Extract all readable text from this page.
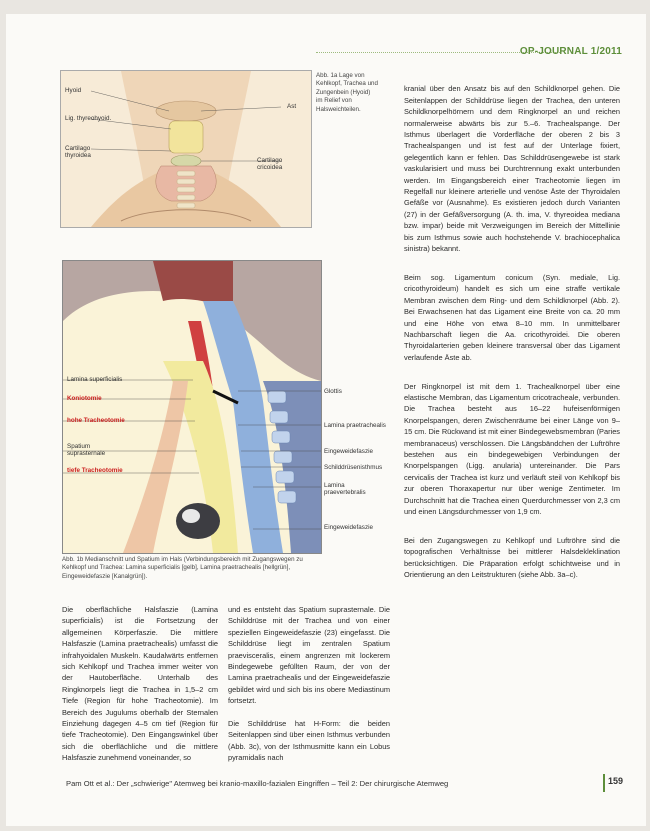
OP-JOURNAL 1/2011
Hyoid
Ast
Lig. thyreohyoid.
Cartilago thyroidea
Cartilago cricoidea
Abb. 1a Lage von Kehlkopf, Trachea und Zungenbein (Hyoid) im Relief von Halsweichteilen.
Lamina superficialis
Koniotomie
hohe Tracheotomie
Spatium suprasternale
tiefe Tracheotomie
Glottis
Lamina praetrachealis
Eingeweidefaszie
Schilddrüsenisthmus
Lamina praevertebralis
Eingeweidefaszie
Abb. 1b Medianschnitt und Spatium im Hals (Verbindungsbereich mit Zugangswegen zu Kehlkopf und Trachea: Lamina superficialis [gelb], Lamina praetrachealis [hellgrün], Eingeweidefaszie [Kanalgrün]).

kranial über den Ansatz bis auf den Schildknorpel gehen. Die Seitenlappen der Schilddrüse liegen der Trachea, den unteren Schildknorpelhörnern und dem Ringknorpel an und reichen normalerweise abwärts bis zur 5.–6. Trachealspange. Der Isthmus überlagert die Vorderfläche der oberen 2 bis 3 Trachealspangen und ist fest auf der Unterlage fixiert, gelegentlich kann er fehlen. Das Schilddrüsengewebe ist stark vaskularisiert und muss bei Durchtrennung exakt unterbunden werden. Im Eingangsbereich einer Tracheotomie liegen im Regelfall nur kleinere arterielle und venöse Äste der Thyroidalen Gefäße vor (Ausnahme). Es existieren jedoch durch Varianten (27) in der Gefäßversorgung (A. th. ima, V. thyreoidea mediana bzw. impar) beide mit Verzweigungen im Bereich der Mittellinie bis zum Isthmus sowie auch hochstehende V. brachiocephalica sinistra) bekannt.

Beim sog. Ligamentum conicum (Syn. mediale, Lig. cricothyroideum) handelt es sich um eine straffe vertikale Membran zwischen dem Ring- und dem Schildknorpel (Abb. 2). Bei Erwachsenen hat das Ligament eine Breite von ca. 20 mm und eine Höhe von etwa 8–10 mm. In unmittelbarer Nachbarschaft liegen die Aa. cricothyroidei. Die oberen Thyroidalarterien geben kleinere transversal über das Ligament verlaufende Äste ab.

Der Ringknorpel ist mit dem 1. Trachealknorpel über eine elastische Membran, das Ligamentum cricotracheale, verbunden. Die Trachea besteht aus 16–22 hufeisenförmigen Knorpelspangen, deren Zwischenräume bei einer Länge von 9–15 cm. Die Rückwand ist mit einer Bindegewebsmembran (Paries membranaceus) verschlossen. Die Längsbändchen der Luftröhre bestehen aus ein bindegewebigen Verbindungen der Knorpelspangen (Ligg. anularia) untereinander. Die Pars cervicalis der Trachea ist kurz und verläuft steil von Kehlkopf bis zur oberen Thoraxapertur nur über wenige Zentimeter. Im Durchschnitt hat die Trachea einen Querdurchmesser von 2,3 cm und einen Längsdurchmesser von 1,9 cm.

Bei den Zugangswegen zu Kehlkopf und Luftröhre sind die topografischen Verhältnisse bei mittlerer Halsdekleklination berücksichtigen. Die Präparation erfolgt schichtweise und in Orientierung an den Leitstrukturen (siehe Abb. 3a–c).

Die oberflächliche Halsfaszie (Lamina superficialis) ist die Fortsetzung der allgemeinen Körperfaszie. Die mittlere Halsfaszie (Lamina praetrachealis) umfasst die infrahyoidalen Muskeln. Kaudalwärts entfernen sich Kehlkopf und Trachea immer weiter von der Hautoberfläche. Unterhalb des Ringknorpels liegt die Trachea in 1,5–2 cm Tiefe (Region für hohe Tracheotomie). Im Bereich des Jugulums oberhalb der Sternalen Einziehung dagegen 4–5 cm tief (Region für tiefe Tracheotomie). Den Eingangswinkel über sich die oberflächliche und die mittlere Halsfaszie zunehmend voneinander, so
und es entsteht das Spatium suprasternale. Die Schilddrüse mit der Trachea und von einer speziellen Eingeweidefaszie (23) eingefasst. Die Schilddrüse liegt im zentralen Spatium praevisceralis, einem angrenzen mit lockerem Bindegewebe gefüllten Raum, der von der Lamina praetrachealis und der Eingeweidefaszie gebildet wird und sich bis ins obere Mediastinum fortsetzt.

Die Schilddrüse hat H-Form: die beiden Seitenlappen sind über einen Isthmus verbunden (Abb. 3c), von der Isthmusmitte kann ein Lobus pyramidalis nach
Pam Ott et al.: Der „schwierige" Atemweg bei kranio-maxillo-fazialen Eingriffen – Teil 2: Der chirurgische Atemweg	159
